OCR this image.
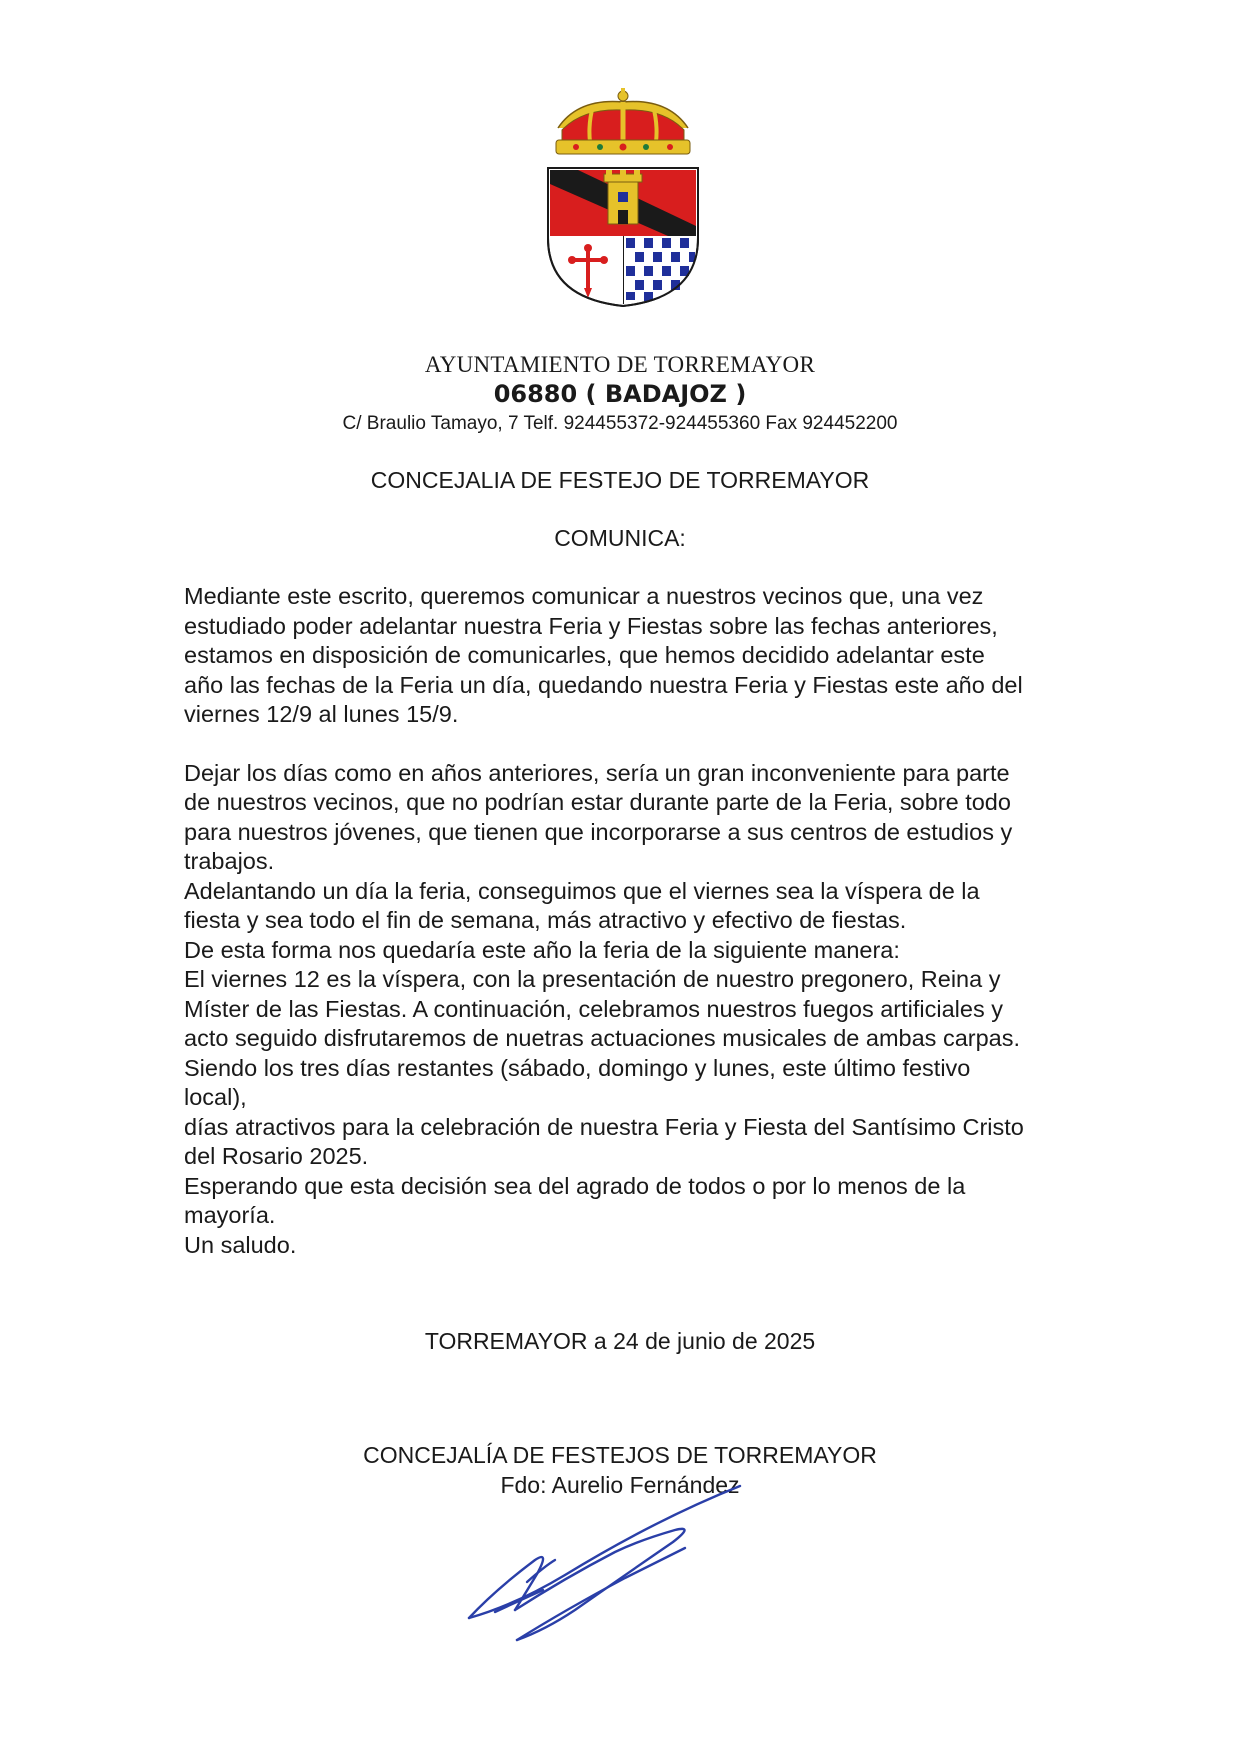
AYUNTAMIENTO DE TORREMAYOR
06880 ( BADAJOZ )
C/ Braulio Tamayo, 7 Telf. 924455372-924455360 Fax 924452200
CONCEJALIA DE FESTEJO DE TORREMAYOR
COMUNICA:

Mediante este escrito, queremos comunicar a nuestros vecinos que, una vez

estudiado poder adelantar nuestra Feria y Fiestas sobre las fechas anteriores,

estamos en disposición de comunicarles, que hemos decidido adelantar este

año las fechas de la Feria un día, quedando nuestra Feria y Fiestas este año del

viernes 12/9 al lunes 15/9.

Dejar los días como en años anteriores, sería un gran inconveniente para parte

de nuestros vecinos, que no podrían estar durante parte de la Feria, sobre todo

para nuestros jóvenes, que tienen que incorporarse a sus centros de estudios y

trabajos.

Adelantando un día la feria, conseguimos que el viernes sea la víspera de la

fiesta y sea todo el fin de semana, más atractivo y efectivo de fiestas.

De esta forma nos quedaría este año la feria de la siguiente manera:

El viernes 12 es la víspera, con la presentación de nuestro pregonero, Reina y

Míster de las Fiestas. A continuación, celebramos nuestros fuegos artificiales y

acto seguido disfrutaremos de nuetras actuaciones musicales de ambas carpas.

Siendo los tres días restantes (sábado, domingo y lunes, este último festivo

local),

días atractivos para la celebración de nuestra Feria y Fiesta del Santísimo Cristo

del Rosario 2025.

Esperando que esta decisión sea del agrado de todos o por lo menos de la

mayoría.

Un saludo.

TORREMAYOR a 24 de junio de 2025
CONCEJALÍA DE FESTEJOS DE TORREMAYOR
Fdo: Aurelio Fernández
